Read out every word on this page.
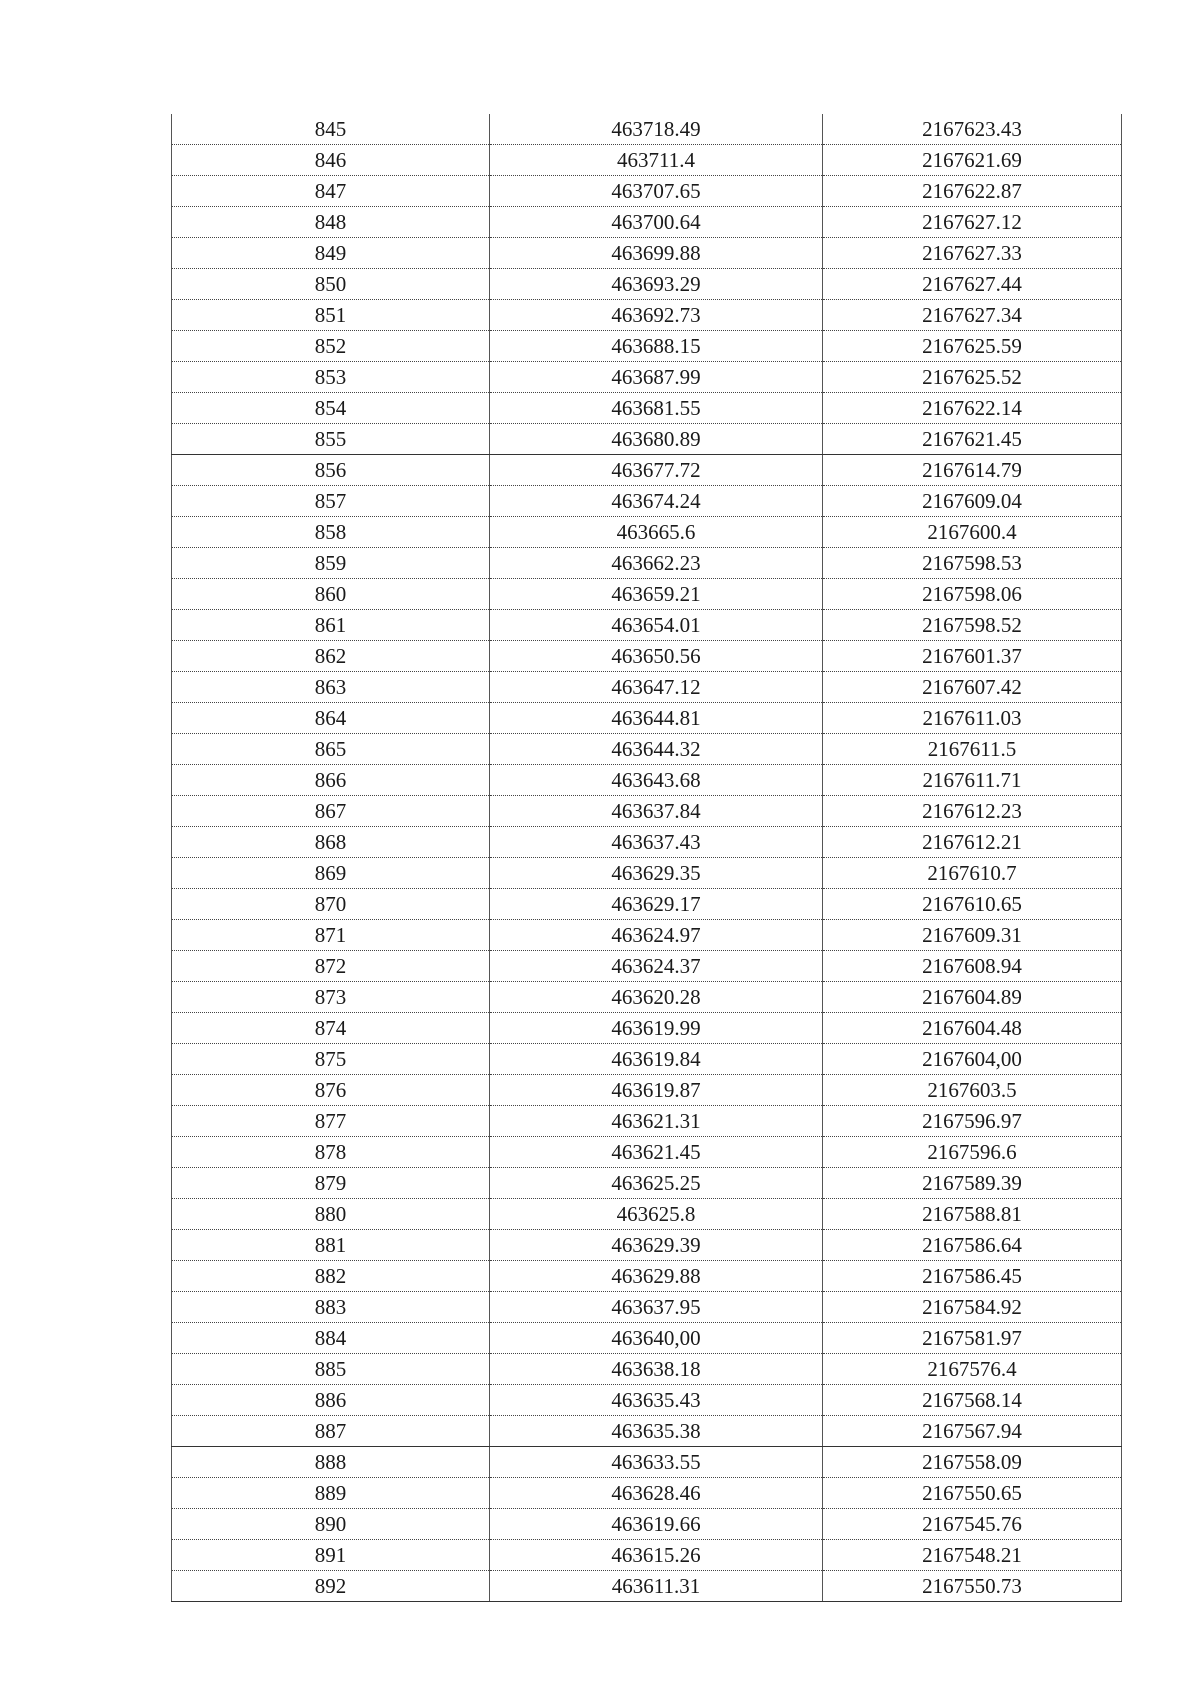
845	463718.49	2167623.43
846	463711.4	2167621.69
847	463707.65	2167622.87
848	463700.64	2167627.12
849	463699.88	2167627.33
850	463693.29	2167627.44
851	463692.73	2167627.34
852	463688.15	2167625.59
853	463687.99	2167625.52
854	463681.55	2167622.14
855	463680.89	2167621.45
856	463677.72	2167614.79
857	463674.24	2167609.04
858	463665.6	2167600.4
859	463662.23	2167598.53
860	463659.21	2167598.06
861	463654.01	2167598.52
862	463650.56	2167601.37
863	463647.12	2167607.42
864	463644.81	2167611.03
865	463644.32	2167611.5
866	463643.68	2167611.71
867	463637.84	2167612.23
868	463637.43	2167612.21
869	463629.35	2167610.7
870	463629.17	2167610.65
871	463624.97	2167609.31
872	463624.37	2167608.94
873	463620.28	2167604.89
874	463619.99	2167604.48
875	463619.84	2167604,00
876	463619.87	2167603.5
877	463621.31	2167596.97
878	463621.45	2167596.6
879	463625.25	2167589.39
880	463625.8	2167588.81
881	463629.39	2167586.64
882	463629.88	2167586.45
883	463637.95	2167584.92
884	463640,00	2167581.97
885	463638.18	2167576.4
886	463635.43	2167568.14
887	463635.38	2167567.94
888	463633.55	2167558.09
889	463628.46	2167550.65
890	463619.66	2167545.76
891	463615.26	2167548.21
892	463611.31	2167550.73
